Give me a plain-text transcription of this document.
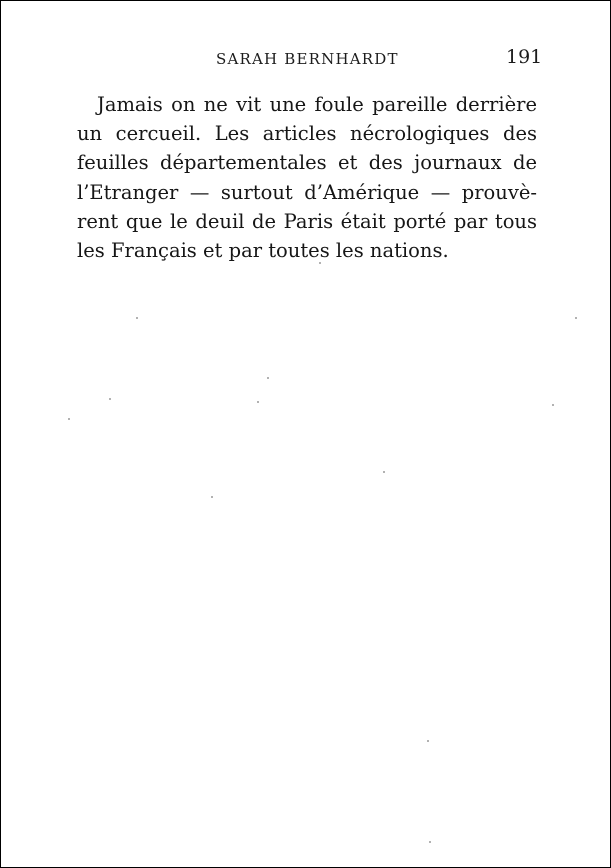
SARAH BERNHARDT	191

Jamais on ne vit une foule pareille derrière
un cercueil. Les articles nécrologiques des
feuilles départementales et des journaux de
l’Etranger — surtout d’Amérique — prouvè-
rent que le deuil de Paris était porté par tous
les Français et par toutes les nations.
